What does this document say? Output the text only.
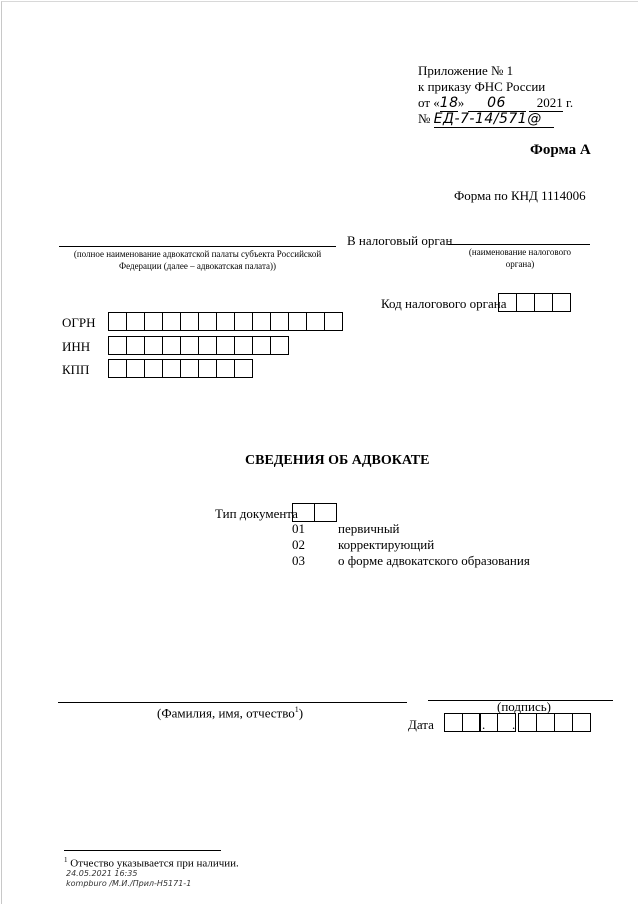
Приложение № 1
к приказу ФНС России
от «18» 06 2021 г.
№ ЕД-7-14/571@
Форма А
Форма по КНД 1114006
В налоговый орган
(наименование налогового органа)
(полное наименование адвокатской палаты субъекта Российской Федерации (далее – адвокатская палата))
Код налогового органа
ОГРН
ИНН
КПП
СВЕДЕНИЯ ОБ АДВОКАТЕ
Тип документа
01	первичный
02	корректирующий
03	о форме адвокатского образования
(Фамилия, имя, отчество$^1$)	(подпись)
Дата	. .
$^1$ Отчество указывается при наличии.
24.05.2021 16:35
kompburo /М.И./Прил-Н5171-1
